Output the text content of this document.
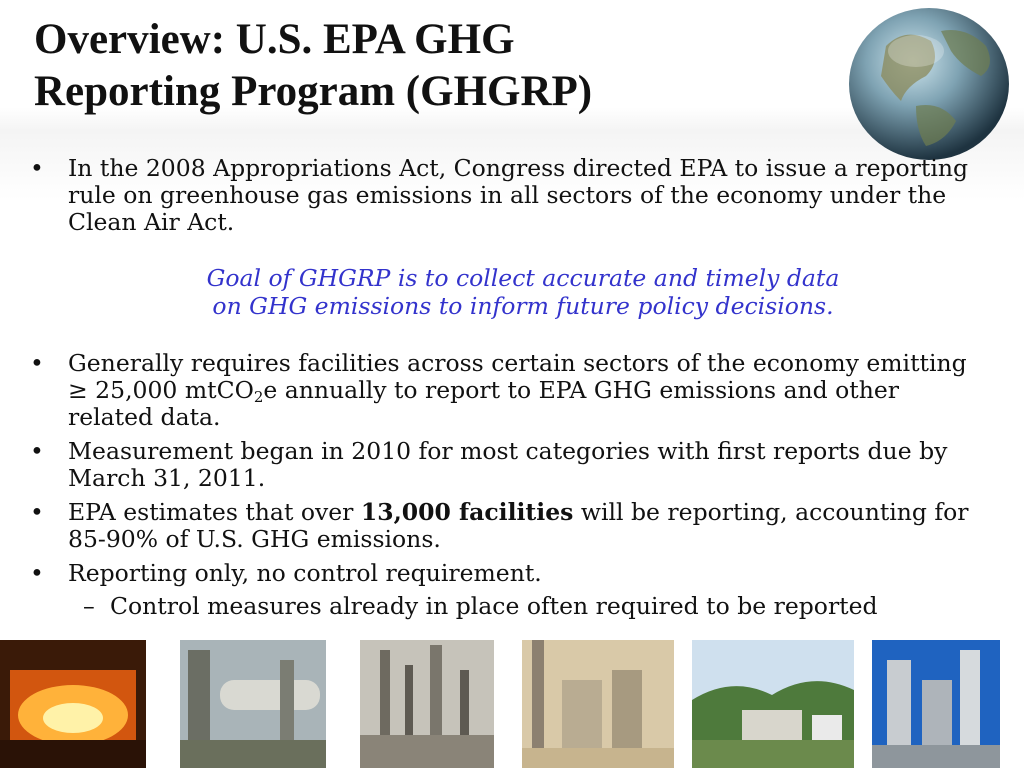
Overview: U.S. EPA GHG
Reporting Program (GHGRP)
•	In the 2008 Appropriations Act, Congress directed EPA to issue a reporting rule on greenhouse gas emissions in all sectors of the economy under the Clean Air Act.
Goal of GHGRP is to collect accurate and timely data
on GHG emissions to inform future policy decisions.
•	Generally requires facilities across certain sectors of the economy emitting ≥ 25,000 mtCO$_2$e annually to report to EPA GHG emissions and other related data.
•	Measurement began in 2010 for most categories with first reports due by March 31, 2011.
•	EPA estimates that over 13,000 facilities will be reporting, accounting for 85-90% of U.S. GHG emissions.
•	Reporting only, no control requirement.
– Control measures already in place often required to be reported
